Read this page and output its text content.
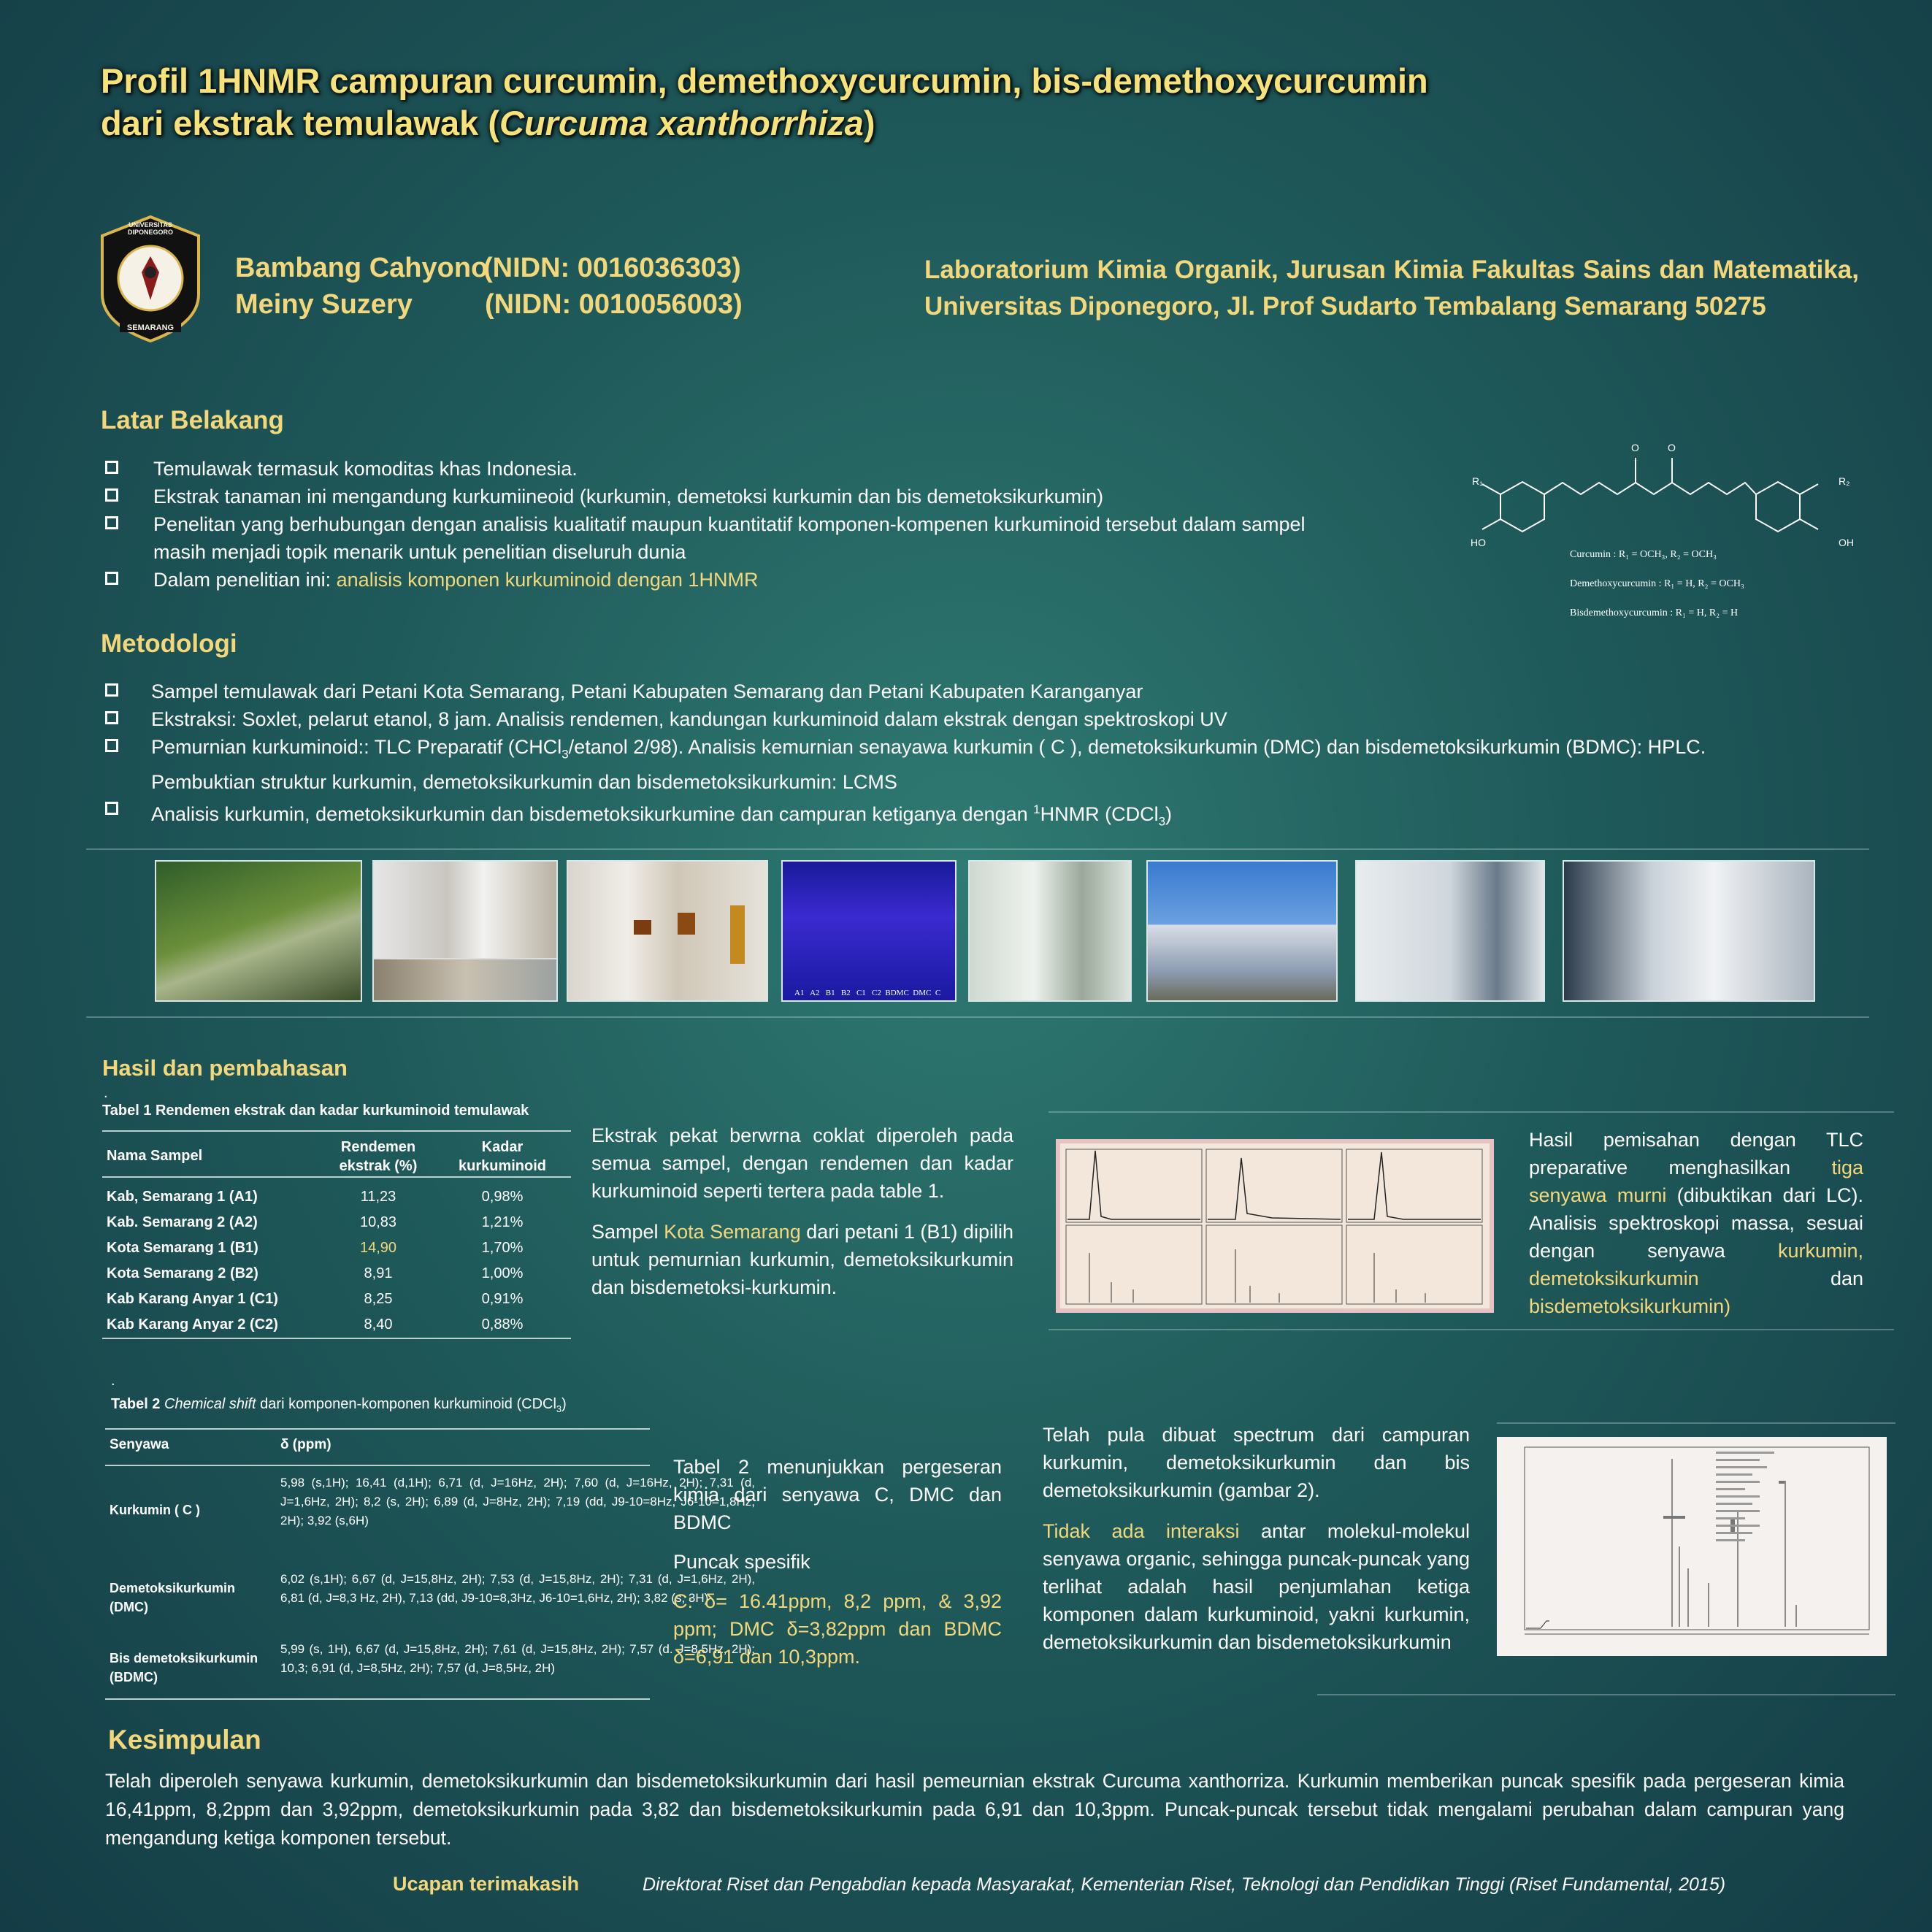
Profil 1HNMR campuran curcumin, demethoxycurcumin, bis-demethoxycurcumin
dari ekstrak temulawak (Curcuma xanthorrhiza)
UNIVERSITAS DIPONEGORO
SEMARANG
Bambang Cahyono
(NIDN: 0016036303)
Meiny Suzery	(NIDN: 0010056003)
Laboratorium Kimia Organik, Jurusan Kimia Fakultas Sains dan Matematika, Universitas Diponegoro, Jl. Prof Sudarto Tembalang Semarang 50275
Latar Belakang
Temulawak termasuk komoditas khas Indonesia.
Ekstrak tanaman ini mengandung kurkumiineoid (kurkumin, demetoksi kurkumin dan bis demetoksikurkumin)
Penelitan yang berhubungan dengan analisis kualitatif maupun kuantitatif komponen-kompenen kurkuminoid tersebut dalam sampel masih menjadi topik menarik untuk penelitian diseluruh dunia
Dalam penelitian ini: analisis komponen kurkuminoid dengan 1HNMR
O	O
R₁	R₂
HO	OH
Curcumin : R₁ = OCH₃, R₂ = OCH₃
Demethoxycurcumin : R₁ = H, R₂ = OCH₃
Bisdemethoxycurcumin : R₁ = H, R₂ = H
Metodologi
Sampel temulawak dari Petani Kota Semarang, Petani Kabupaten Semarang dan Petani Kabupaten Karanganyar
Ekstraksi: Soxlet, pelarut etanol, 8 jam. Analisis rendemen, kandungan kurkuminoid dalam ekstrak dengan spektroskopi UV
Pemurnian kurkuminoid:: TLC Preparatif (CHCl$_3$/etanol 2/98). Analisis kemurnian senayawa kurkumin ( C ), demetoksikurkumin (DMC) dan bisdemetoksikurkumin (BDMC): HPLC. Pembuktian struktur kurkumin, demetoksikurkumin dan bisdemetoksikurkumin: LCMS
Analisis kurkumin, demetoksikurkumin dan bisdemetoksikurkumine dan campuran ketiganya dengan $^1$HNMR (CDCl$_3$)
A1   A2   B1   B2   C1   C2  BDMC  DMC  C
Hasil dan pembahasan
.
Tabel 1 Rendemen ekstrak dan kadar kurkuminoid temulawak
Nama Sampel	Rendemen ekstrak (%)	Kadar kurkuminoid

Kab, Semarang 1 (A1)	11,23	0,98%
Kab. Semarang 2 (A2)	10,83	1,21%
Kota Semarang 1 (B1)	14,90	1,70%
Kota Semarang 2 (B2)	8,91	1,00%
Kab Karang Anyar 1 (C1)	8,25	0,91%
Kab Karang Anyar 2 (C2)	8,40	0,88%
Ekstrak pekat berwrna coklat diperoleh pada semua sampel, dengan rendemen dan kadar kurkuminoid seperti tertera pada table 1.
Sampel Kota Semarang dari petani 1 (B1) dipilih untuk pemurnian kurkumin, demetoksikurkumin dan bisdemetoksi-kurkumin.
Hasil pemisahan dengan TLC preparative menghasilkan tiga senyawa murni (dibuktikan dari LC). Analisis spektroskopi massa, sesuai dengan senyawa kurkumin, demetoksikurkumin dan bisdemetoksikurkumin)
.
Tabel 2 Chemical shift dari komponen-komponen kurkuminoid (CDCl$_3$)
Senyawa	δ (ppm)
Kurkumin ( C )
5,98 (s,1H); 16,41 (d,1H); 6,71 (d, J=16Hz, 2H); 7,60 (d, J=16Hz, 2H); 7,31 (d, J=1,6Hz, 2H); 8,2 (s, 2H); 6,89 (d, J=8Hz, 2H); 7,19 (dd, J9-10=8Hz, J6-10=1,8Hz, 2H); 3,92 (s,6H)
Demetoksikurkumin (DMC)
6,02 (s,1H); 6,67 (d, J=15,8Hz, 2H); 7,53 (d, J=15,8Hz, 2H); 7,31 (d, J=1,6Hz, 2H), 6,81 (d, J=8,3 Hz, 2H), 7,13 (dd, J9-10=8,3Hz, J6-10=1,6Hz, 2H); 3,82 (s, 3H)
Bis demetoksikurkumin (BDMC)
5,99 (s, 1H), 6,67 (d, J=15,8Hz, 2H); 7,61 (d, J=15,8Hz, 2H); 7,57 (d. J=8,5Hz, 2H); 10,3; 6,91 (d, J=8,5Hz, 2H); 7,57 (d, J=8,5Hz, 2H)
Tabel 2 menunjukkan pergeseran kimia dari senyawa C, DMC dan BDMC
Puncak spesifik
C: δ= 16.41ppm, 8,2 ppm, & 3,92 ppm; DMC δ=3,82ppm dan BDMC δ=6,91 dan 10,3ppm.
Telah pula dibuat spectrum dari campuran kurkumin, demetoksikurkumin dan bis demetoksikurkumin (gambar 2).
Tidak ada interaksi antar molekul-molekul senyawa organic, sehingga puncak-puncak yang terlihat adalah hasil penjumlahan ketiga komponen dalam kurkuminoid, yakni kurkumin, demetoksikurkumin dan bisdemetoksikurkumin
Kesimpulan
Telah diperoleh senyawa kurkumin, demetoksikurkumin dan bisdemetoksikurkumin dari hasil pemeurnian ekstrak Curcuma xanthorriza. Kurkumin memberikan puncak spesifik pada pergeseran kimia 16,41ppm, 8,2ppm dan 3,92ppm, demetoksikurkumin pada 3,82 dan bisdemetoksikurkumin pada 6,91 dan 10,3ppm. Puncak-puncak tersebut tidak mengalami perubahan dalam campuran yang mengandung ketiga komponen tersebut.
Ucapan terimakasih	Direktorat Riset dan Pengabdian kepada Masyarakat, Kementerian Riset, Teknologi dan Pendidikan Tinggi (Riset Fundamental, 2015)
